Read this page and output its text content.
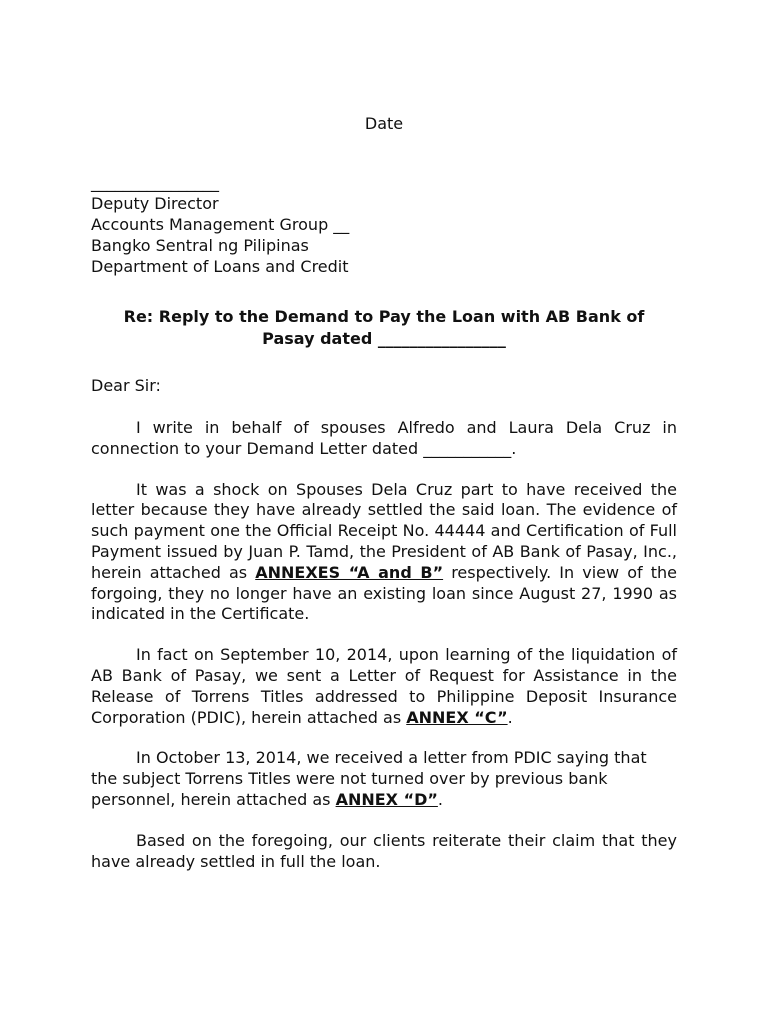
Date
________________
Deputy Director
Accounts Management Group __
Bangko Sentral ng Pilipinas
Department of Loans and Credit
Re: Reply to the Demand to Pay the Loan with AB Bank of
Pasay dated ________________
Dear Sir:

I write in behalf of spouses Alfredo and Laura Dela Cruz in connection to your Demand Letter dated ___________.

It was a shock on Spouses Dela Cruz part to have received the letter because they have already settled the said loan. The evidence of such payment one the Official Receipt No. 44444 and Certification of Full Payment issued by Juan P. Tamd, the President of AB Bank of Pasay, Inc., herein attached as ANNEXES “A and B” respectively. In view of the forgoing, they no longer have an existing loan since August 27, 1990 as indicated in the Certificate.

In fact on September 10, 2014, upon learning of the liquidation of AB Bank of Pasay, we sent a Letter of Request for Assistance in the Release of Torrens Titles addressed to Philippine Deposit Insurance Corporation (PDIC), herein attached as ANNEX “C”.

In October 13, 2014, we received a letter from PDIC saying that the subject Torrens Titles were not turned over by previous bank personnel, herein attached as ANNEX “D”.

Based on the foregoing, our clients reiterate their claim that they have already settled in full the loan.
